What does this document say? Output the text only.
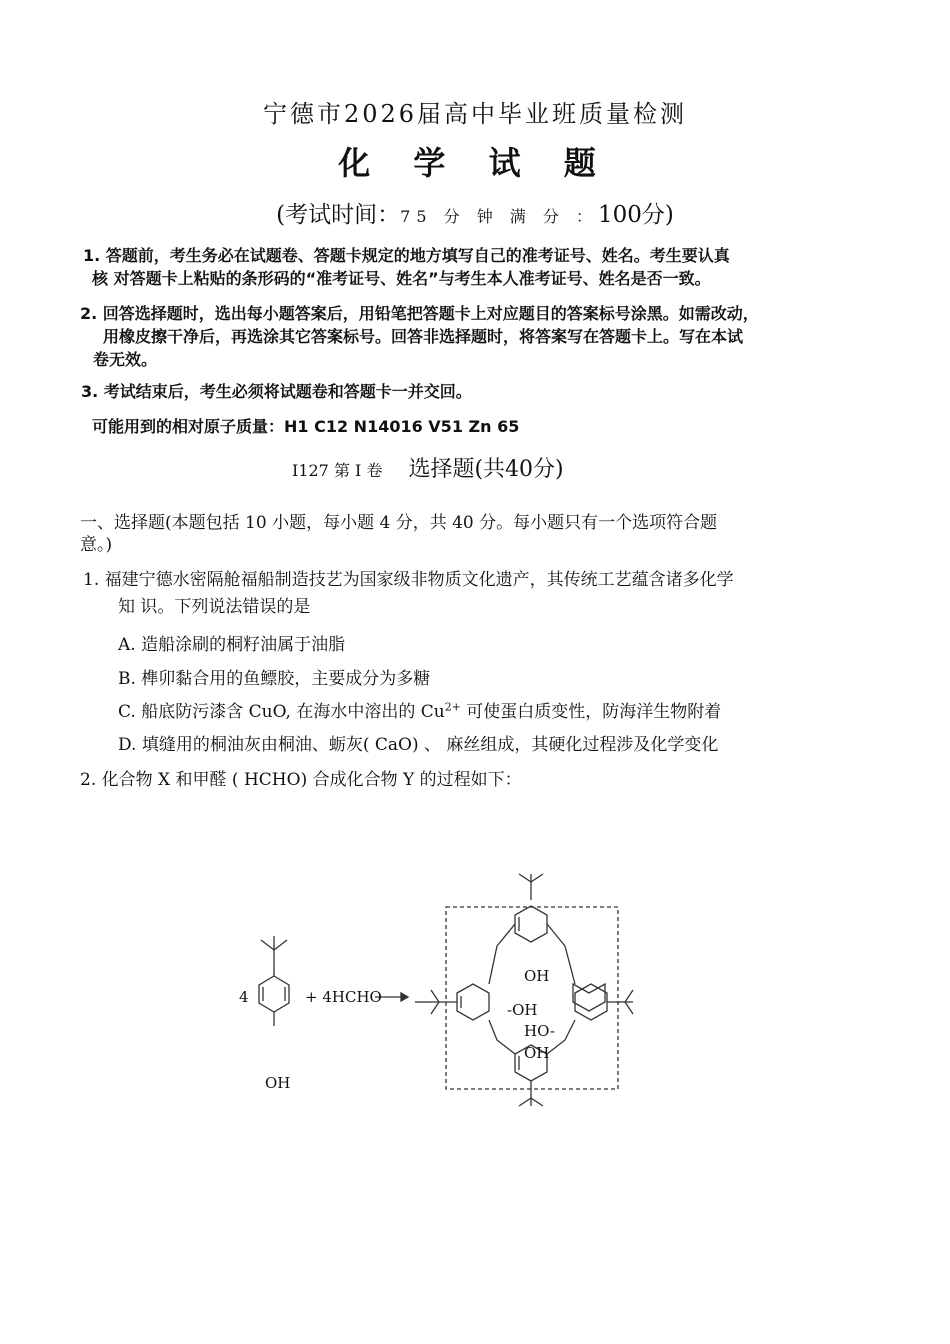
宁德市2026届高中毕业班质量检测
化 学 试 题
(考试时间：75 分 钟 满 分 ：100分)
1. 答题前，考生务必在试题卷、答题卡规定的地方填写自己的准考证号、姓名。考生要认真
核 对答题卡上粘贴的条形码的“准考证号、姓名”与考生本人准考证号、姓名是否一致。
2. 回答选择题时，选出每小题答案后，用铅笔把答题卡上对应题目的答案标号涂黑。如需改动，
用橡皮擦干净后，再选涂其它答案标号。回答非选择题时，将答案写在答题卡上。写在本试
卷无效。
3. 考试结束后，考生必须将试题卷和答题卡一并交回。
可能用到的相对原子质量：H1 C12 N14016 V51 Zn 65
I127 第 I 卷 选择题(共40分)
一、选择题(本题包括 10 小题，每小题 4 分，共 40 分。每小题只有一个选项符合题
意。)
1. 福建宁德水密隔舱福船制造技艺为国家级非物质文化遗产，其传统工艺蕴含诸多化学
知 识。下列说法错误的是
A. 造船涂刷的桐籽油属于油脂
B. 榫卯黏合用的鱼鳔胶，主要成分为多糖
C. 船底防污漆含 CuO, 在海水中溶出的 $Cu^{2+}$ 可使蛋白质变性，防海洋生物附着
D. 填缝用的桐油灰由桐油、蛎灰( CaO) 、 麻丝组成，其硬化过程涉及化学变化
2. 化合物 X 和甲醛 ( HCHO) 合成化合物 Y 的过程如下：
4	+ 4HCHO
OH
OH
-OH
HO-
OH
